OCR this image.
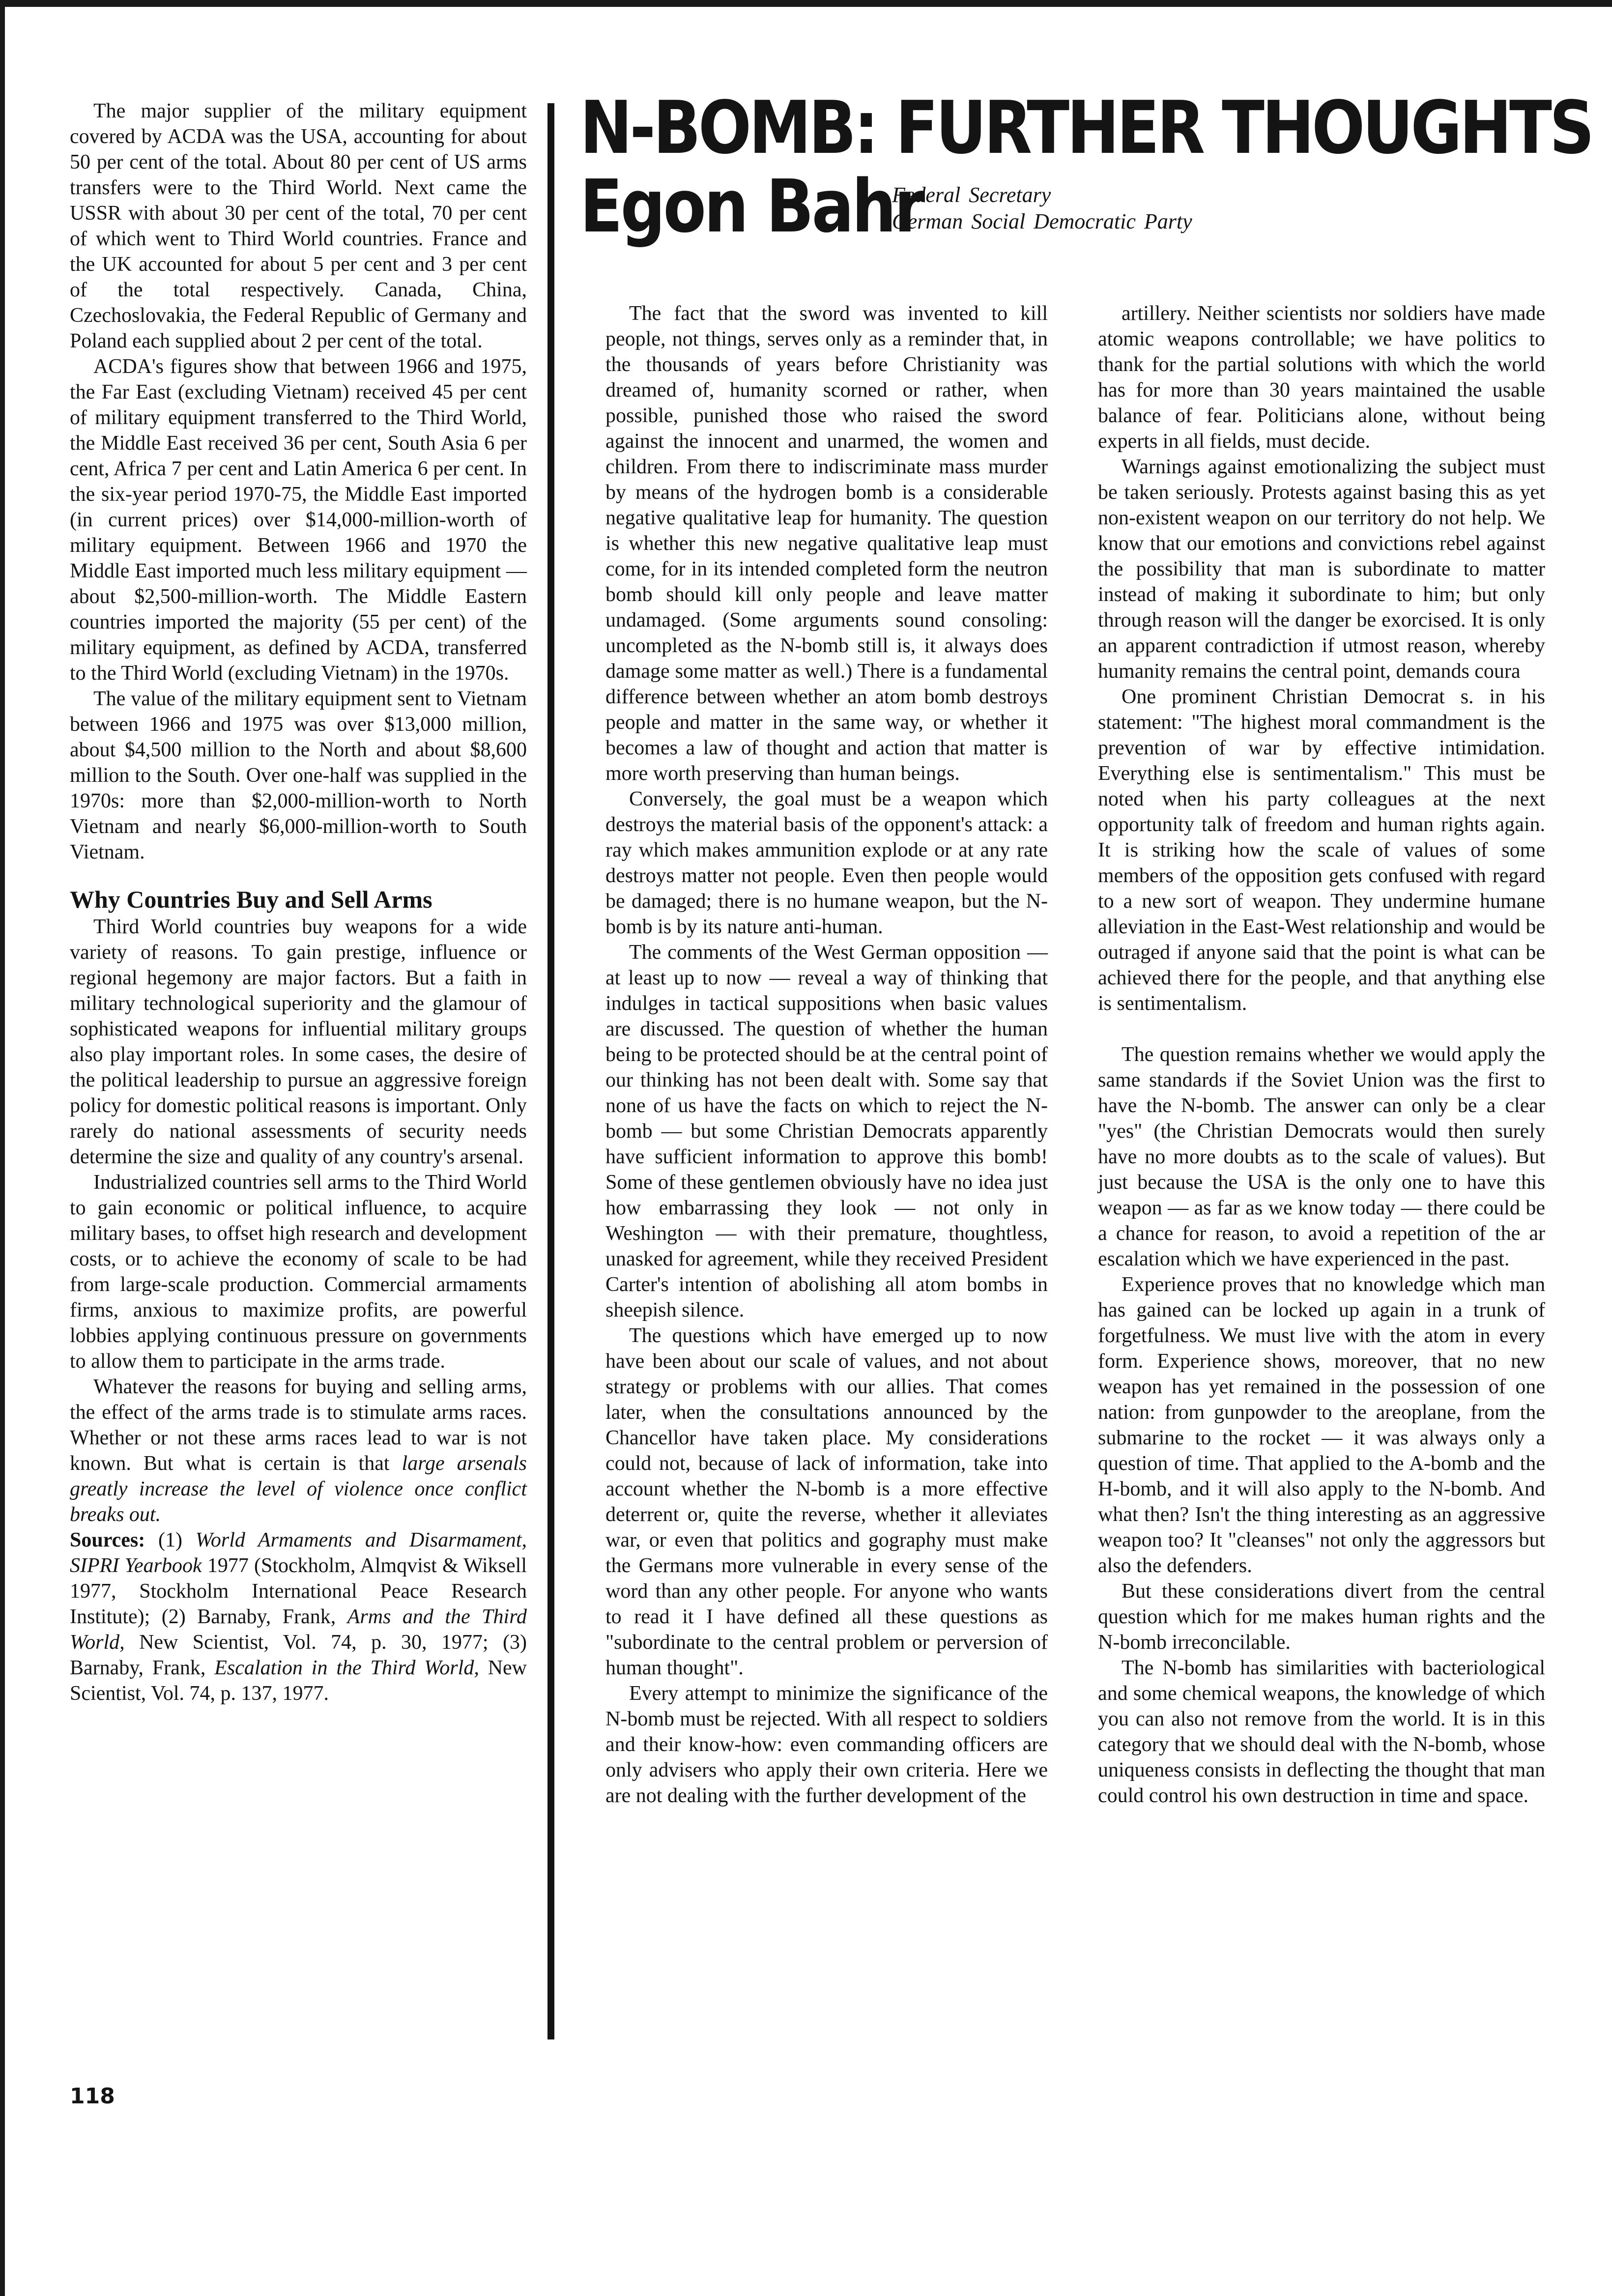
N-BOMB: FURTHER THOUGHTS
Egon Bahr
Federal Secretary
German Social Democratic Party

The major supplier of the military equipment covered by ACDA was the USA, accounting for about 50 per cent of the total. About 80 per cent of US arms transfers were to the Third World. Next came the USSR with about 30 per cent of the total, 70 per cent of which went to Third World countries. France and the UK accounted for about 5 per cent and 3 per cent of the total respectively. Canada, China, Czechoslovakia, the Federal Republic of Germany and Poland each supplied about 2 per cent of the total.

ACDA's figures show that between 1966 and 1975, the Far East (excluding Vietnam) received 45 per cent of military equipment transferred to the Third World, the Middle East received 36 per cent, South Asia 6 per cent, Africa 7 per cent and Latin America 6 per cent. In the six-year period 1970-75, the Middle East imported (in current prices) over $14,000-million-worth of military equipment. Between 1966 and 1970 the Middle East imported much less military equipment — about $2,500-million-worth. The Middle Eastern countries imported the majority (55 per cent) of the military equipment, as defined by ACDA, transferred to the Third World (excluding Vietnam) in the 1970s.

The value of the military equipment sent to Vietnam between 1966 and 1975 was over $13,000 million, about $4,500 million to the North and about $8,600 million to the South. Over one-half was supplied in the 1970s: more than $2,000-million-worth to North Vietnam and nearly $6,000-million-worth to South Vietnam.

Why Countries Buy and Sell Arms

Third World countries buy weapons for a wide variety of reasons. To gain prestige, influence or regional hegemony are major factors. But a faith in military technological superiority and the glamour of sophisticated weapons for influential military groups also play important roles. In some cases, the desire of the political leadership to pursue an aggressive foreign policy for domestic political reasons is important. Only rarely do national assessments of security needs determine the size and quality of any country's arsenal.

Industrialized countries sell arms to the Third World to gain economic or political influence, to acquire military bases, to offset high research and development costs, or to achieve the economy of scale to be had from large-scale production. Commercial armaments firms, anxious to maximize profits, are powerful lobbies applying continuous pressure on governments to allow them to participate in the arms trade.

Whatever the reasons for buying and selling arms, the effect of the arms trade is to stimulate arms races. Whether or not these arms races lead to war is not known. But what is certain is that large arsenals greatly increase the level of violence once conflict breaks out.

Sources: (1) World Armaments and Disarmament, SIPRI Yearbook 1977 (Stockholm, Almqvist & Wiksell 1977, Stockholm International Peace Research Institute); (2) Barnaby, Frank, Arms and the Third World, New Scientist, Vol. 74, p. 30, 1977; (3) Barnaby, Frank, Escalation in the Third World, New Scientist, Vol. 74, p. 137, 1977.

The fact that the sword was invented to kill people, not things, serves only as a reminder that, in the thousands of years before Christianity was dreamed of, humanity scorned or rather, when possible, punished those who raised the sword against the innocent and unarmed, the women and children. From there to indiscriminate mass murder by means of the hydrogen bomb is a considerable negative qualitative leap for humanity. The question is whether this new negative qualitative leap must come, for in its intended completed form the neutron bomb should kill only people and leave matter undamaged. (Some arguments sound consoling: uncompleted as the N-bomb still is, it always does damage some matter as well.) There is a fundamental difference between whether an atom bomb destroys people and matter in the same way, or whether it becomes a law of thought and action that matter is more worth preserving than human beings.

Conversely, the goal must be a weapon which destroys the material basis of the opponent's attack: a ray which makes ammunition explode or at any rate destroys matter not people. Even then people would be damaged; there is no humane weapon, but the N-bomb is by its nature anti-human.

The comments of the West German opposition — at least up to now — reveal a way of thinking that indulges in tactical suppositions when basic values are discussed. The question of whether the human being to be protected should be at the central point of our thinking has not been dealt with. Some say that none of us have the facts on which to reject the N-bomb — but some Christian Democrats apparently have sufficient information to approve this bomb! Some of these gentlemen obviously have no idea just how embarrassing they look — not only in Weshington — with their premature, thoughtless, unasked for agreement, while they received President Carter's intention of abolishing all atom bombs in sheepish silence.

The questions which have emerged up to now have been about our scale of values, and not about strategy or problems with our allies. That comes later, when the consultations announced by the Chancellor have taken place. My considerations could not, because of lack of information, take into account whether the N-bomb is a more effective deterrent or, quite the reverse, whether it alleviates war, or even that politics and gography must make the Germans more vulnerable in every sense of the word than any other people. For anyone who wants to read it I have defined all these questions as "subordinate to the central problem or perversion of human thought".

Every attempt to minimize the significance of the N-bomb must be rejected. With all respect to soldiers and their know-how: even commanding officers are only advisers who apply their own criteria. Here we are not dealing with the further development of the

artillery. Neither scientists nor soldiers have made atomic weapons controllable; we have politics to thank for the partial solutions with which the world has for more than 30 years maintained the usable balance of fear. Politicians alone, without being experts in all fields, must decide.

Warnings against emotionalizing the subject must be taken seriously. Protests against basing this as yet non-existent weapon on our territory do not help. We know that our emotions and convictions rebel against the possibility that man is subordinate to matter instead of making it subordinate to him; but only through reason will the danger be exorcised. It is only an apparent contradiction if utmost reason, whereby humanity remains the central point, demands coura

One prominent Christian Democrat s. in his statement: "The highest moral commandment is the prevention of war by effective intimidation. Everything else is sentimentalism." This must be noted when his party colleagues at the next opportunity talk of freedom and human rights again. It is striking how the scale of values of some members of the opposition gets confused with regard to a new sort of weapon. They undermine humane alleviation in the East-West relationship and would be outraged if anyone said that the point is what can be achieved there for the people, and that anything else is sentimentalism.

The question remains whether we would apply the same standards if the Soviet Union was the first to have the N-bomb. The answer can only be a clear "yes" (the Christian Democrats would then surely have no more doubts as to the scale of values). But just because the USA is the only one to have this weapon — as far as we know today — there could be a chance for reason, to avoid a repetition of the ar escalation which we have experienced in the past.

Experience proves that no knowledge which man has gained can be locked up again in a trunk of forgetfulness. We must live with the atom in every form. Experience shows, moreover, that no new weapon has yet remained in the possession of one nation: from gunpowder to the areoplane, from the submarine to the rocket — it was always only a question of time. That applied to the A-bomb and the H-bomb, and it will also apply to the N-bomb. And what then? Isn't the thing interesting as an aggressive weapon too? It "cleanses" not only the aggressors but also the defenders.

But these considerations divert from the central question which for me makes human rights and the N-bomb irreconcilable.

The N-bomb has similarities with bacteriological and some chemical weapons, the knowledge of which you can also not remove from the world. It is in this category that we should deal with the N-bomb, whose uniqueness consists in deflecting the thought that man could control his own destruction in time and space.

118
